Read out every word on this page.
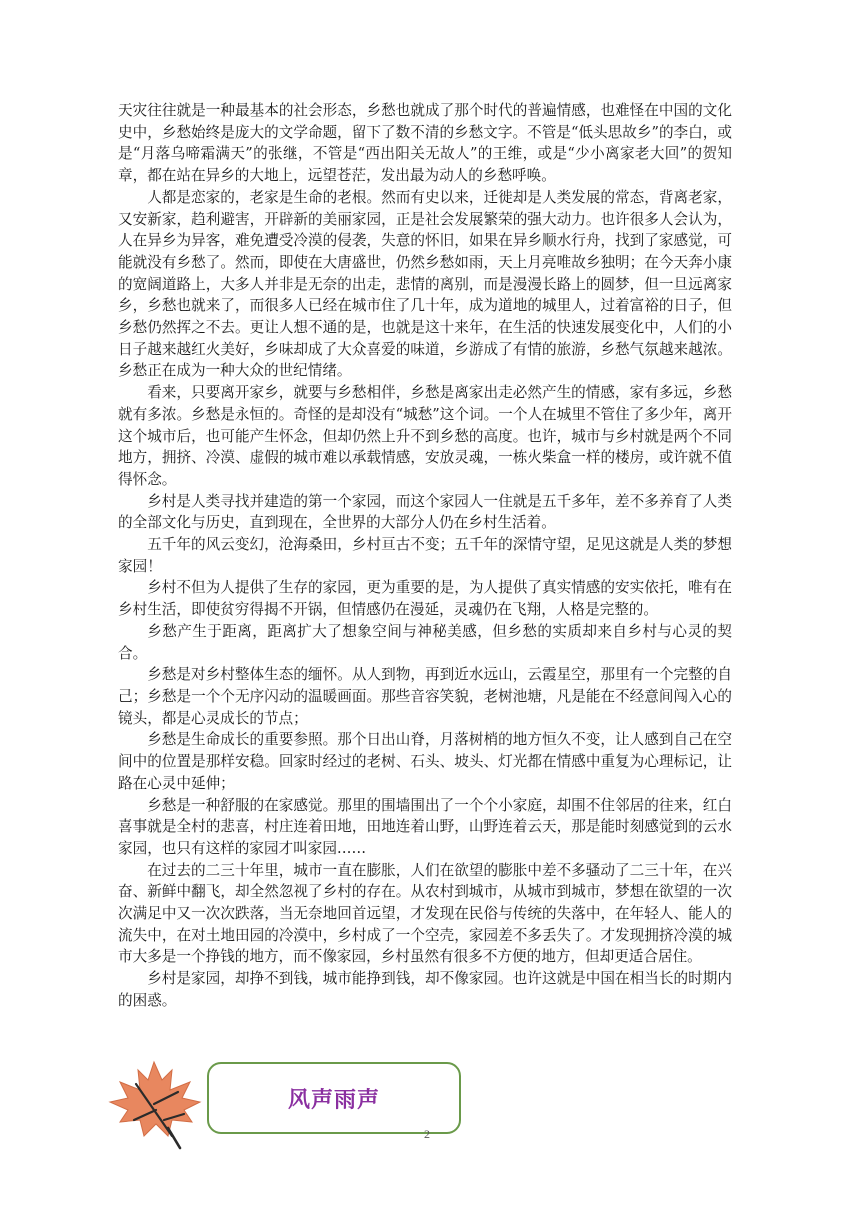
天灾往往就是一种最基本的社会形态，乡愁也就成了那个时代的普遍情感，也难怪在中国的文化史中，乡愁始终是庞大的文学命题，留下了数不清的乡愁文字。不管是“低头思故乡”的李白，或是“月落乌啼霜满天”的张继，不管是“西出阳关无故人”的王维，或是“少小离家老大回”的贺知章，都在站在异乡的大地上，远望苍茫，发出最为动人的乡愁呼唤。

人都是恋家的，老家是生命的老根。然而有史以来，迁徙却是人类发展的常态，背离老家，又安新家，趋利避害，开辟新的美丽家园，正是社会发展繁荣的强大动力。也许很多人会认为，人在异乡为异客，难免遭受冷漠的侵袭，失意的怀旧，如果在异乡顺水行舟，找到了家感觉，可能就没有乡愁了。然而，即使在大唐盛世，仍然乡愁如雨，天上月亮唯故乡独明；在今天奔小康的宽阔道路上，大多人并非是无奈的出走，悲情的离别，而是漫漫长路上的圆梦，但一旦远离家乡，乡愁也就来了，而很多人已经在城市住了几十年，成为道地的城里人，过着富裕的日子，但乡愁仍然挥之不去。更让人想不通的是，也就是这十来年，在生活的快速发展变化中，人们的小日子越来越红火美好，乡味却成了大众喜爱的味道，乡游成了有情的旅游，乡愁气氛越来越浓。乡愁正在成为一种大众的世纪情绪。

看来，只要离开家乡，就要与乡愁相伴，乡愁是离家出走必然产生的情感，家有多远，乡愁就有多浓。乡愁是永恒的。奇怪的是却没有“城愁”这个词。一个人在城里不管住了多少年，离开这个城市后，也可能产生怀念，但却仍然上升不到乡愁的高度。也许，城市与乡村就是两个不同地方，拥挤、冷漠、虚假的城市难以承载情感，安放灵魂，一栋火柴盒一样的楼房，或许就不值得怀念。

乡村是人类寻找并建造的第一个家园，而这个家园人一住就是五千多年，差不多养育了人类的全部文化与历史，直到现在，全世界的大部分人仍在乡村生活着。

五千年的风云变幻，沧海桑田，乡村亘古不变；五千年的深情守望，足见这就是人类的梦想家园！

乡村不但为人提供了生存的家园，更为重要的是，为人提供了真实情感的安实依托，唯有在乡村生活，即使贫穷得揭不开锅，但情感仍在漫延，灵魂仍在飞翔，人格是完整的。

乡愁产生于距离，距离扩大了想象空间与神秘美感，但乡愁的实质却来自乡村与心灵的契合。

乡愁是对乡村整体生态的缅怀。从人到物，再到近水远山，云霞星空，那里有一个完整的自己；乡愁是一个个无序闪动的温暖画面。那些音容笑貌，老树池塘，凡是能在不经意间闯入心的镜头，都是心灵成长的节点；

乡愁是生命成长的重要参照。那个日出山脊，月落树梢的地方恒久不变，让人感到自己在空间中的位置是那样安稳。回家时经过的老树、石头、坡头、灯光都在情感中重复为心理标记，让路在心灵中延伸；

乡愁是一种舒服的在家感觉。那里的围墙围出了一个个小家庭，却围不住邻居的往来，红白喜事就是全村的悲喜，村庄连着田地，田地连着山野，山野连着云天，那是能时刻感觉到的云水家园，也只有这样的家园才叫家园……

在过去的二三十年里，城市一直在膨胀，人们在欲望的膨胀中差不多骚动了二三十年，在兴奋、新鲜中翻飞，却全然忽视了乡村的存在。从农村到城市，从城市到城市，梦想在欲望的一次次满足中又一次次跌落，当无奈地回首远望，才发现在民俗与传统的失落中，在年轻人、能人的流失中，在对土地田园的冷漠中，乡村成了一个空壳，家园差不多丢失了。才发现拥挤冷漠的城市大多是一个挣钱的地方，而不像家园，乡村虽然有很多不方便的地方，但却更适合居住。

乡村是家园，却挣不到钱，城市能挣到钱，却不像家园。也许这就是中国在相当长的时期内的困惑。

风声雨声
2
